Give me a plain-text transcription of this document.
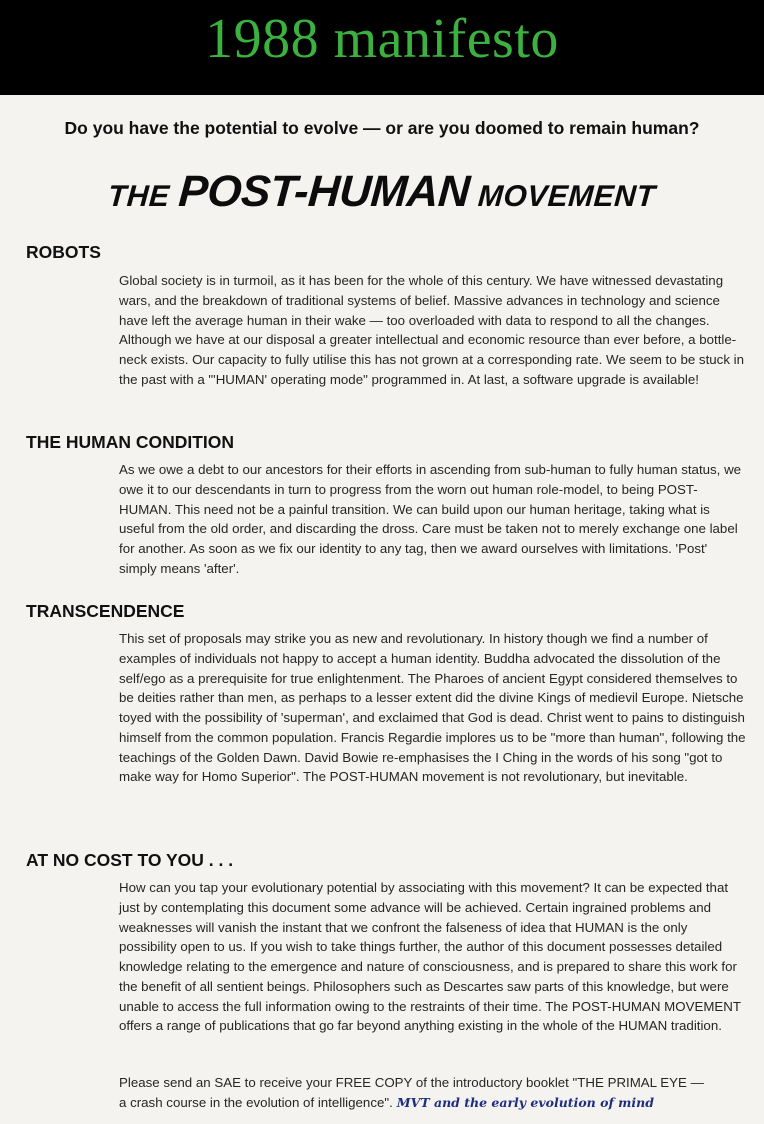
1988 manifesto
Do you have the potential to evolve — or are you doomed to remain human?
THE POST-HUMAN MOVEMENT
ROBOTS

Global society is in turmoil, as it has been for the whole of this century. We have witnessed devastating wars, and the breakdown of traditional systems of belief. Massive advances in technology and science have left the average human in their wake — too overloaded with data to respond to all the changes. Although we have at our disposal a greater intellectual and economic resource than ever before, a bottle-neck exists. Our capacity to fully utilise this has not grown at a corresponding rate. We seem to be stuck in the past with a "'HUMAN' operating mode" programmed in. At last, a software upgrade is available!

THE HUMAN CONDITION

As we owe a debt to our ancestors for their efforts in ascending from sub-human to fully human status, we owe it to our descendants in turn to progress from the worn out human role-model, to being POST-HUMAN. This need not be a painful transition. We can build upon our human heritage, taking what is useful from the old order, and discarding the dross. Care must be taken not to merely exchange one label for another. As soon as we fix our identity to any tag, then we award ourselves with limitations. 'Post' simply means 'after'.

TRANSCENDENCE

This set of proposals may strike you as new and revolutionary. In history though we find a number of examples of individuals not happy to accept a human identity. Buddha advocated the dissolution of the self/ego as a prerequisite for true enlightenment. The Pharoes of ancient Egypt considered themselves to be deities rather than men, as perhaps to a lesser extent did the divine Kings of medievil Europe. Nietsche toyed with the possibility of 'superman', and exclaimed that God is dead. Christ went to pains to distinguish himself from the common population. Francis Regardie implores us to be "more than human", following the teachings of the Golden Dawn. David Bowie re-emphasises the I Ching in the words of his song "got to make way for Homo Superior". The POST-HUMAN movement is not revolutionary, but inevitable.

AT NO COST TO YOU . . .

How can you tap your evolutionary potential by associating with this movement? It can be expected that just by contemplating this document some advance will be achieved. Certain ingrained problems and weaknesses will vanish the instant that we confront the falseness of idea that HUMAN is the only possibility open to us. If you wish to take things further, the author of this document possesses detailed knowledge relating to the emergence and nature of consciousness, and is prepared to share this work for the benefit of all sentient beings. Philosophers such as Descartes saw parts of this knowledge, but were unable to access the full information owing to the restraints of their time. The POST-HUMAN MOVEMENT offers a range of publications that go far beyond anything existing in the whole of the HUMAN tradition.

Please send an SAE to receive your FREE COPY of the introductory booklet "THE PRIMAL EYE —

a crash course in the evolution of intelligence". MVT and the early evolution of mind
